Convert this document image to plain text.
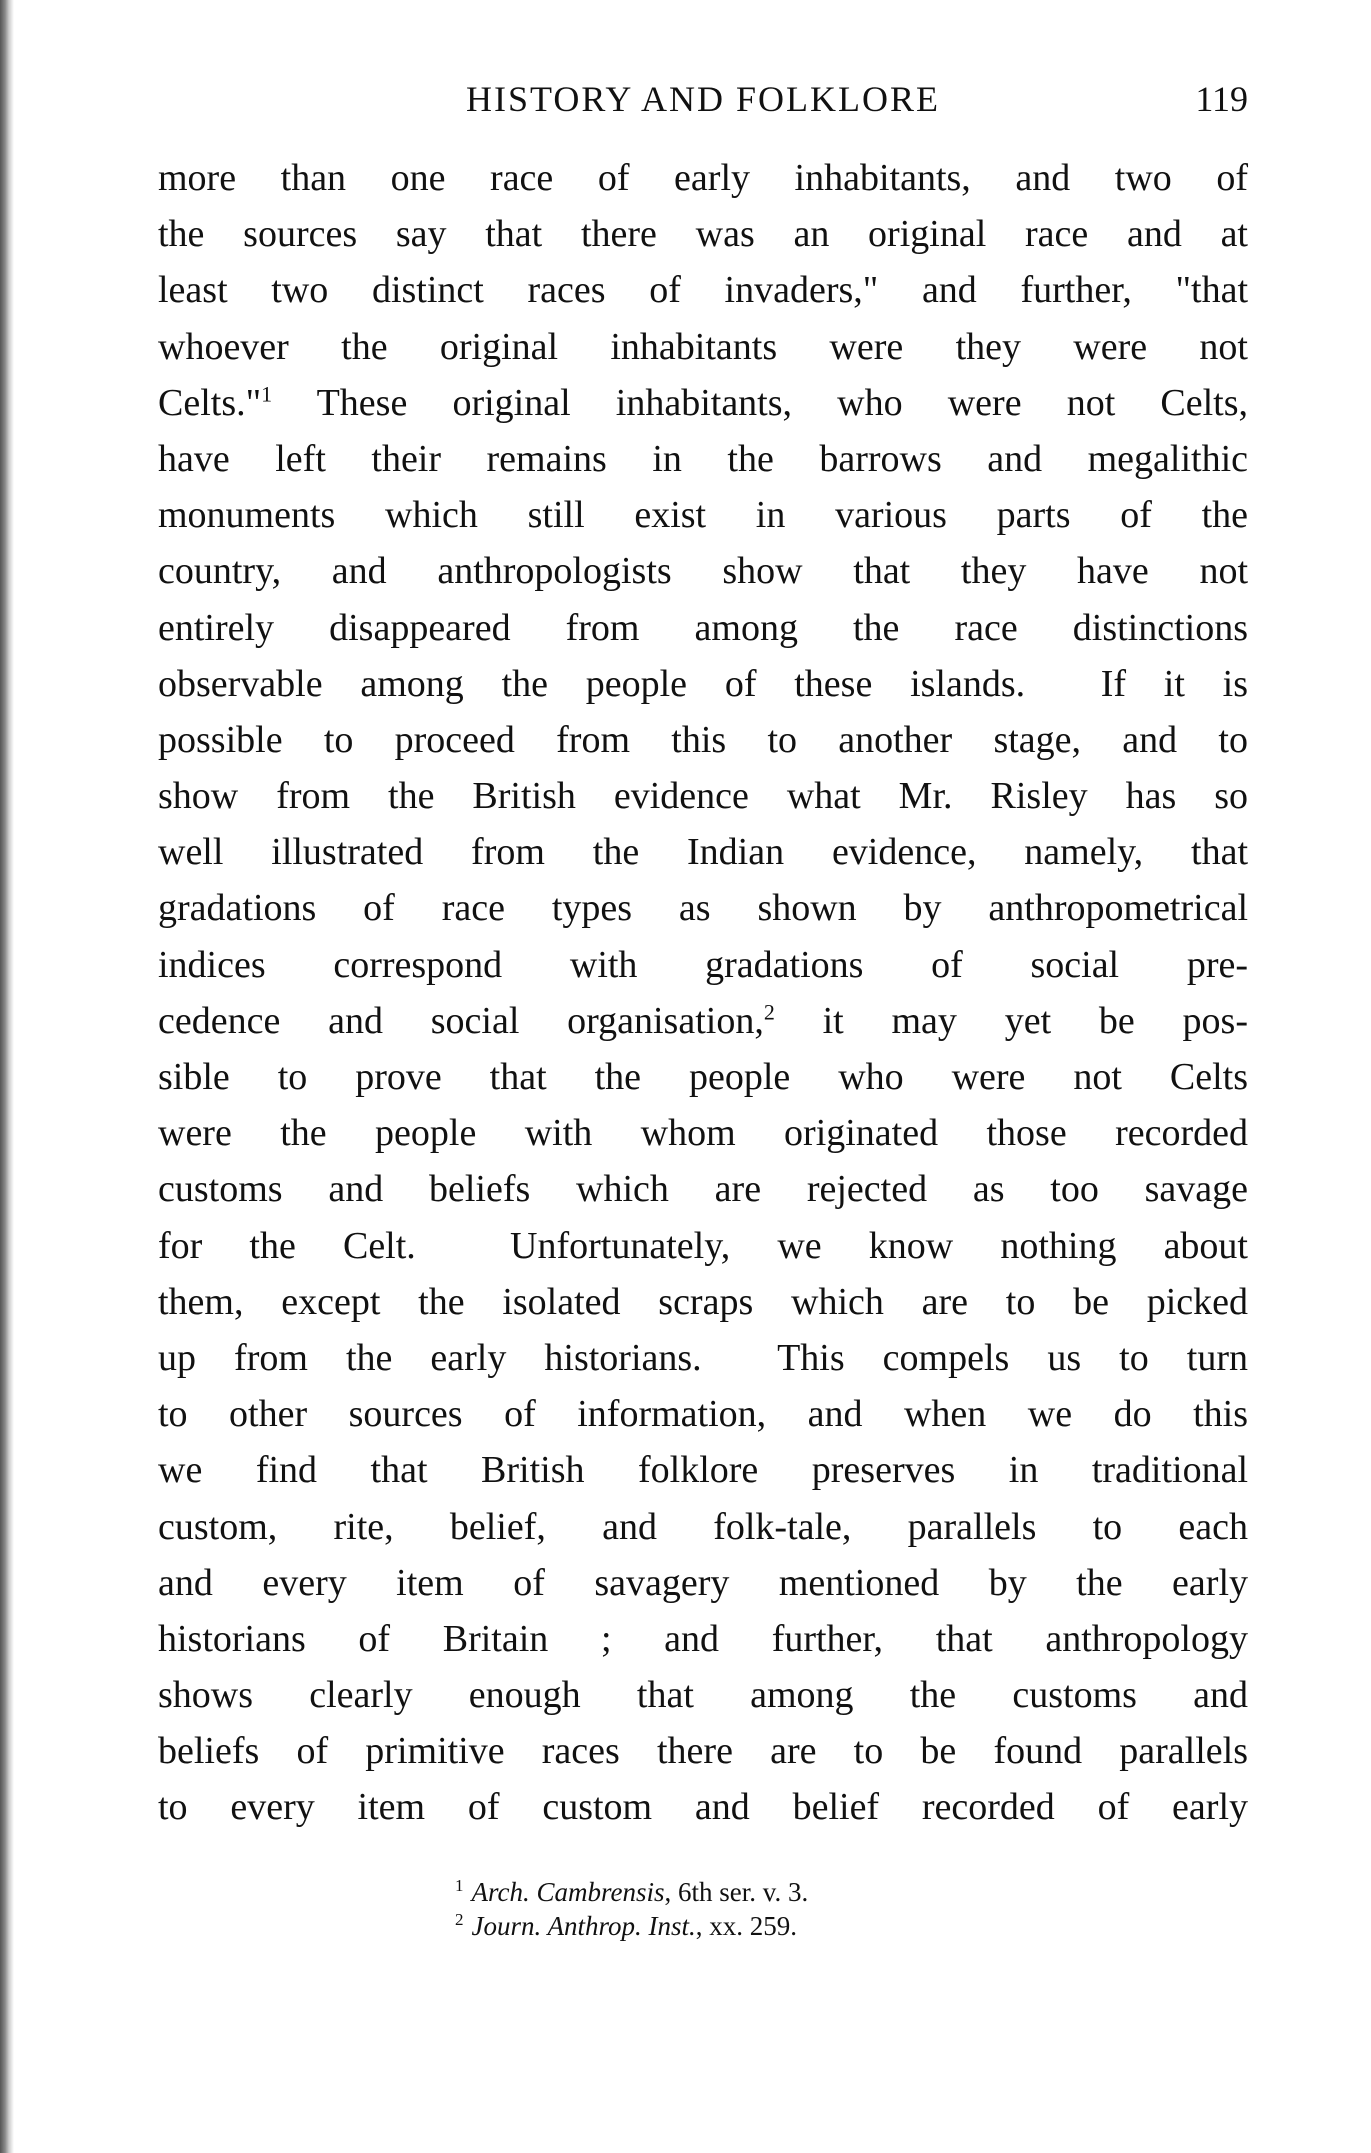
HISTORY AND FOLKLORE	119
more than one race of early inhabitants, and two of
the sources say that there was an original race and at
least two distinct races of invaders," and further, "that
whoever the original inhabitants were they were not
Celts."$^1$ These original inhabitants, who were not Celts,
have left their remains in the barrows and megalithic
monuments which still exist in various parts of the
country, and anthropologists show that they have not
entirely disappeared from among the race distinctions
observable among the people of these islands.  If it is
possible to proceed from this to another stage, and to
show from the British evidence what Mr. Risley has so
well illustrated from the Indian evidence, namely, that
gradations of race types as shown by anthropometrical
indices correspond with gradations of social pre-
cedence and social organisation,$^2$ it may yet be pos-
sible to prove that the people who were not Celts
were the people with whom originated those recorded
customs and beliefs which are rejected as too savage
for the Celt.  Unfortunately, we know nothing about
them, except the isolated scraps which are to be picked
up from the early historians.  This compels us to turn
to other sources of information, and when we do this
we find that British folklore preserves in traditional
custom, rite, belief, and folk-tale, parallels to each
and every item of savagery mentioned by the early
historians of Britain ; and further, that anthropology
shows clearly enough that among the customs and
beliefs of primitive races there are to be found parallels
to every item of custom and belief recorded of early
$^1$ Arch. Cambrensis, 6th ser. v. 3.
$^2$ Journ. Anthrop. Inst., xx. 259.
